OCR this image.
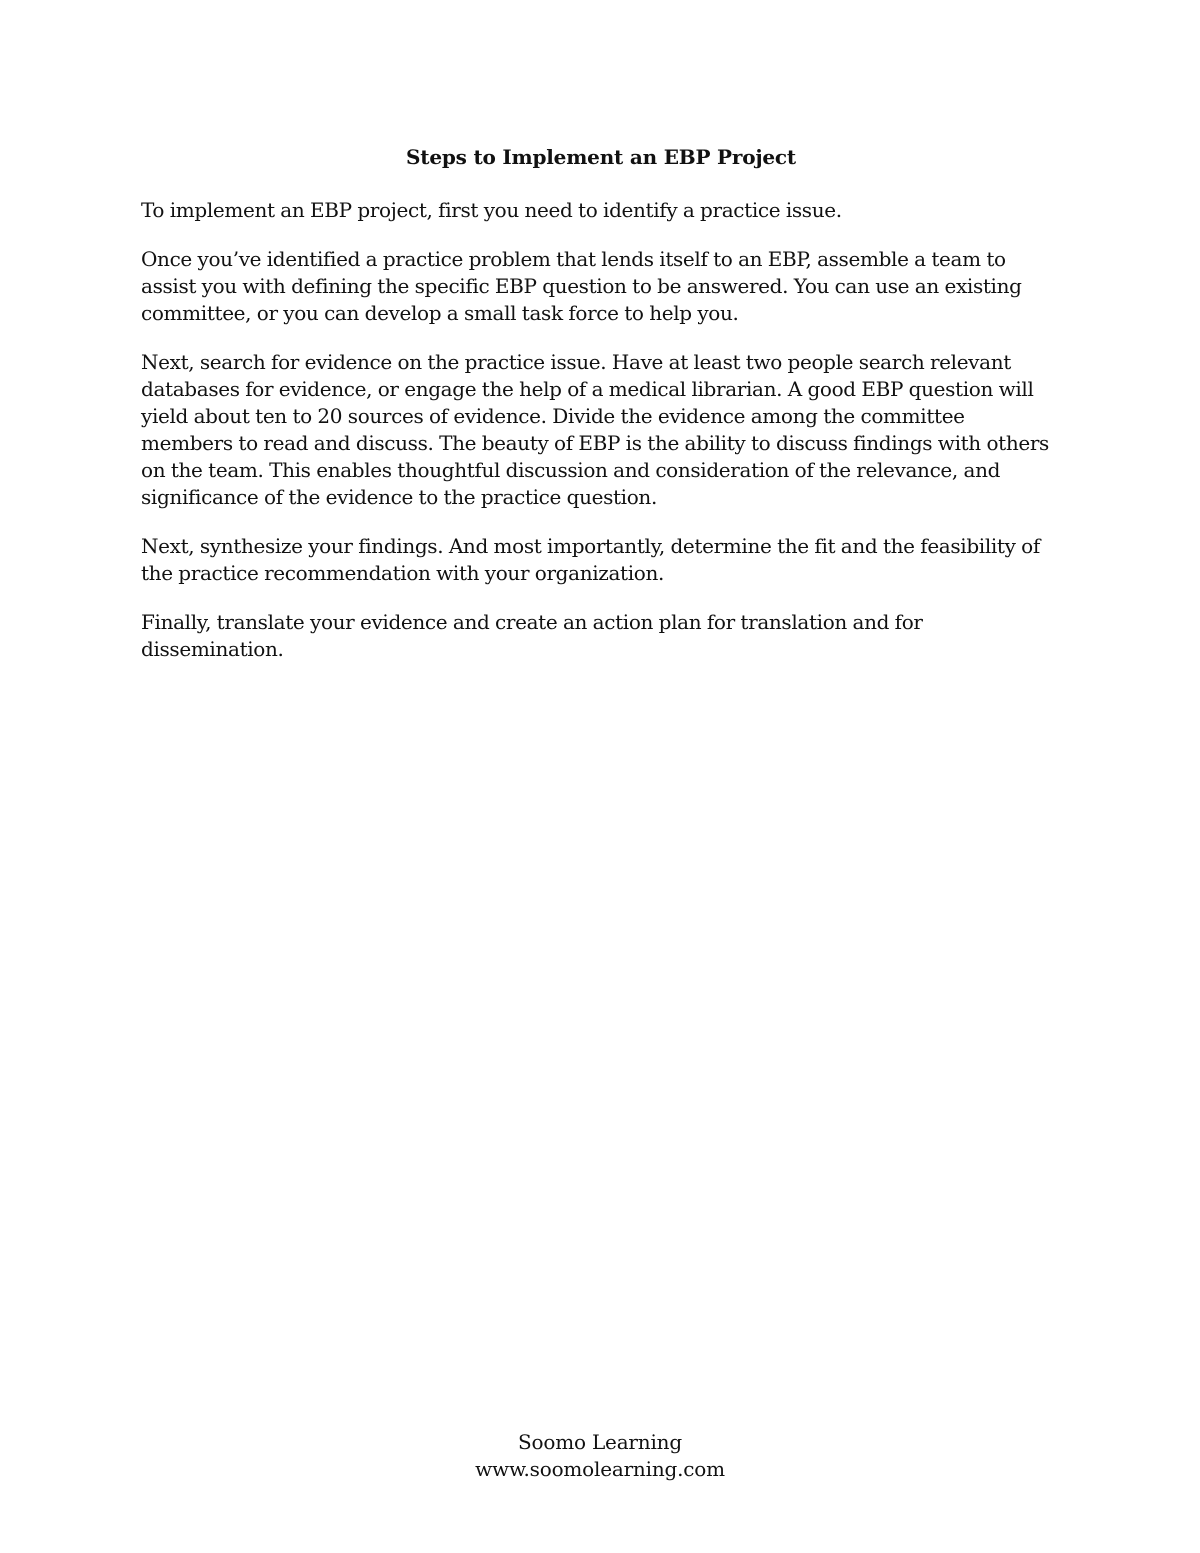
Steps to Implement an EBP Project

To implement an EBP project, first you need to identify a practice issue.

Once you’ve identified a practice problem that lends itself to an EBP, assemble a team to assist you with defining the specific EBP question to be answered. You can use an existing committee, or you can develop a small task force to help you.

Next, search for evidence on the practice issue. Have at least two people search relevant databases for evidence, or engage the help of a medical librarian. A good EBP question will yield about ten to 20 sources of evidence. Divide the evidence among the committee members to read and discuss. The beauty of EBP is the ability to discuss findings with others on the team. This enables thoughtful discussion and consideration of the relevance, and significance of the evidence to the practice question.

Next, synthesize your findings. And most importantly, determine the fit and the feasibility of the practice recommendation with your organization.

Finally, translate your evidence and create an action plan for translation and for dissemination.

Soomo Learning
www.soomolearning.com
